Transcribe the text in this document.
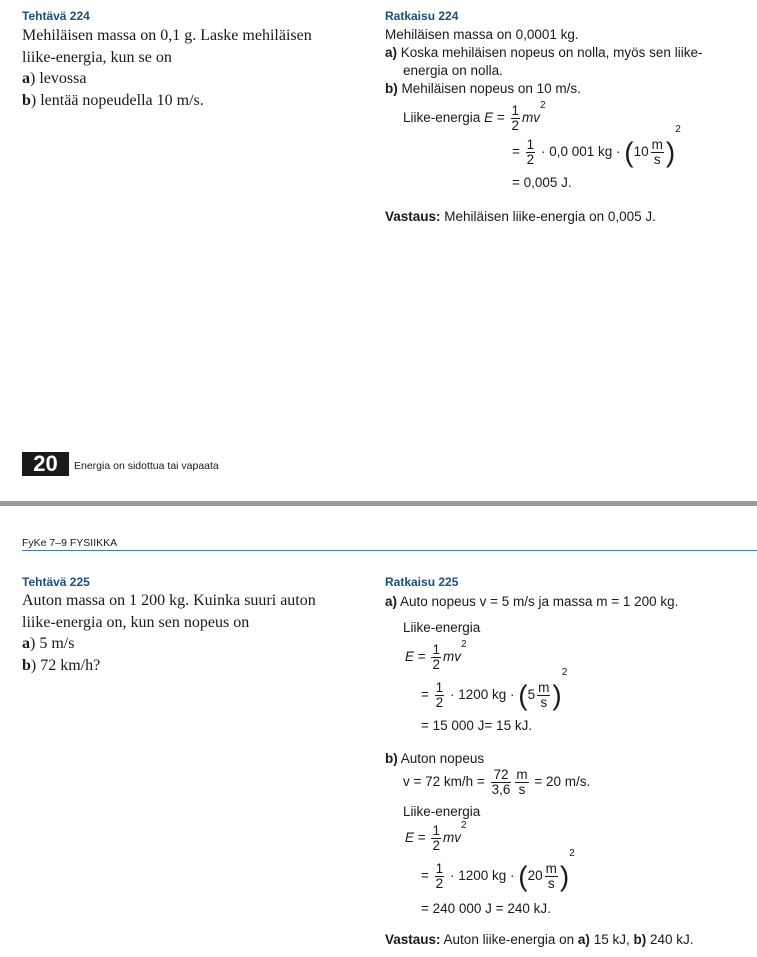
Tehtävä 224
Mehiläisen massa on 0,1 g. Laske mehiläisen
liike-energia, kun se on
a) levossa
b) lentää nopeudella 10 m/s.
Ratkaisu 224
Mehiläisen massa on 0,0001 kg.
a) Koska mehiläisen nopeus on nolla, myös sen liike-
energia on nolla.
b) Mehiläisen nopeus on 10 m/s.
Liike-energia $E = \frac{1}{2} mv^2$
= $\frac{1}{2} \cdot 0,0$ 001 kg · $(10 \frac{m}{s} )^2$
= 0,005 J.
Vastaus: Mehiläisen liike-energia on 0,005 J.
20	Energia on sidottua tai vapaata
FyKe 7–9 FYSIIKKA
Tehtävä 225
Auton massa on 1 200 kg. Kuinka suuri auton
liike-energia on, kun sen nopeus on
a) 5 m/s
b) 72 km/h?
Ratkaisu 225
a) Auto nopeus v = 5 m/s ja massa m = 1 200 kg.
Liike-energia
$E = \frac{1}{2} mv^2$
= $\frac{1}{2} \cdot 1200$ kg · $(5 \frac{m}{s} )^2$
= 15 000 J= 15 kJ.
b) Auton nopeus
v = 72 $km/h = \frac{72}{3,6} \frac{m}{s} = 20$ m/s.
Liike-energia
$E = \frac{1}{2} mv^2$
= $\frac{1}{2} \cdot 1200$ kg · $(20 \frac{m}{s} )^2$
= 240 000 J = 240 kJ.
Vastaus: Auton liike-energia on a) 15 kJ, b) 240 kJ.
